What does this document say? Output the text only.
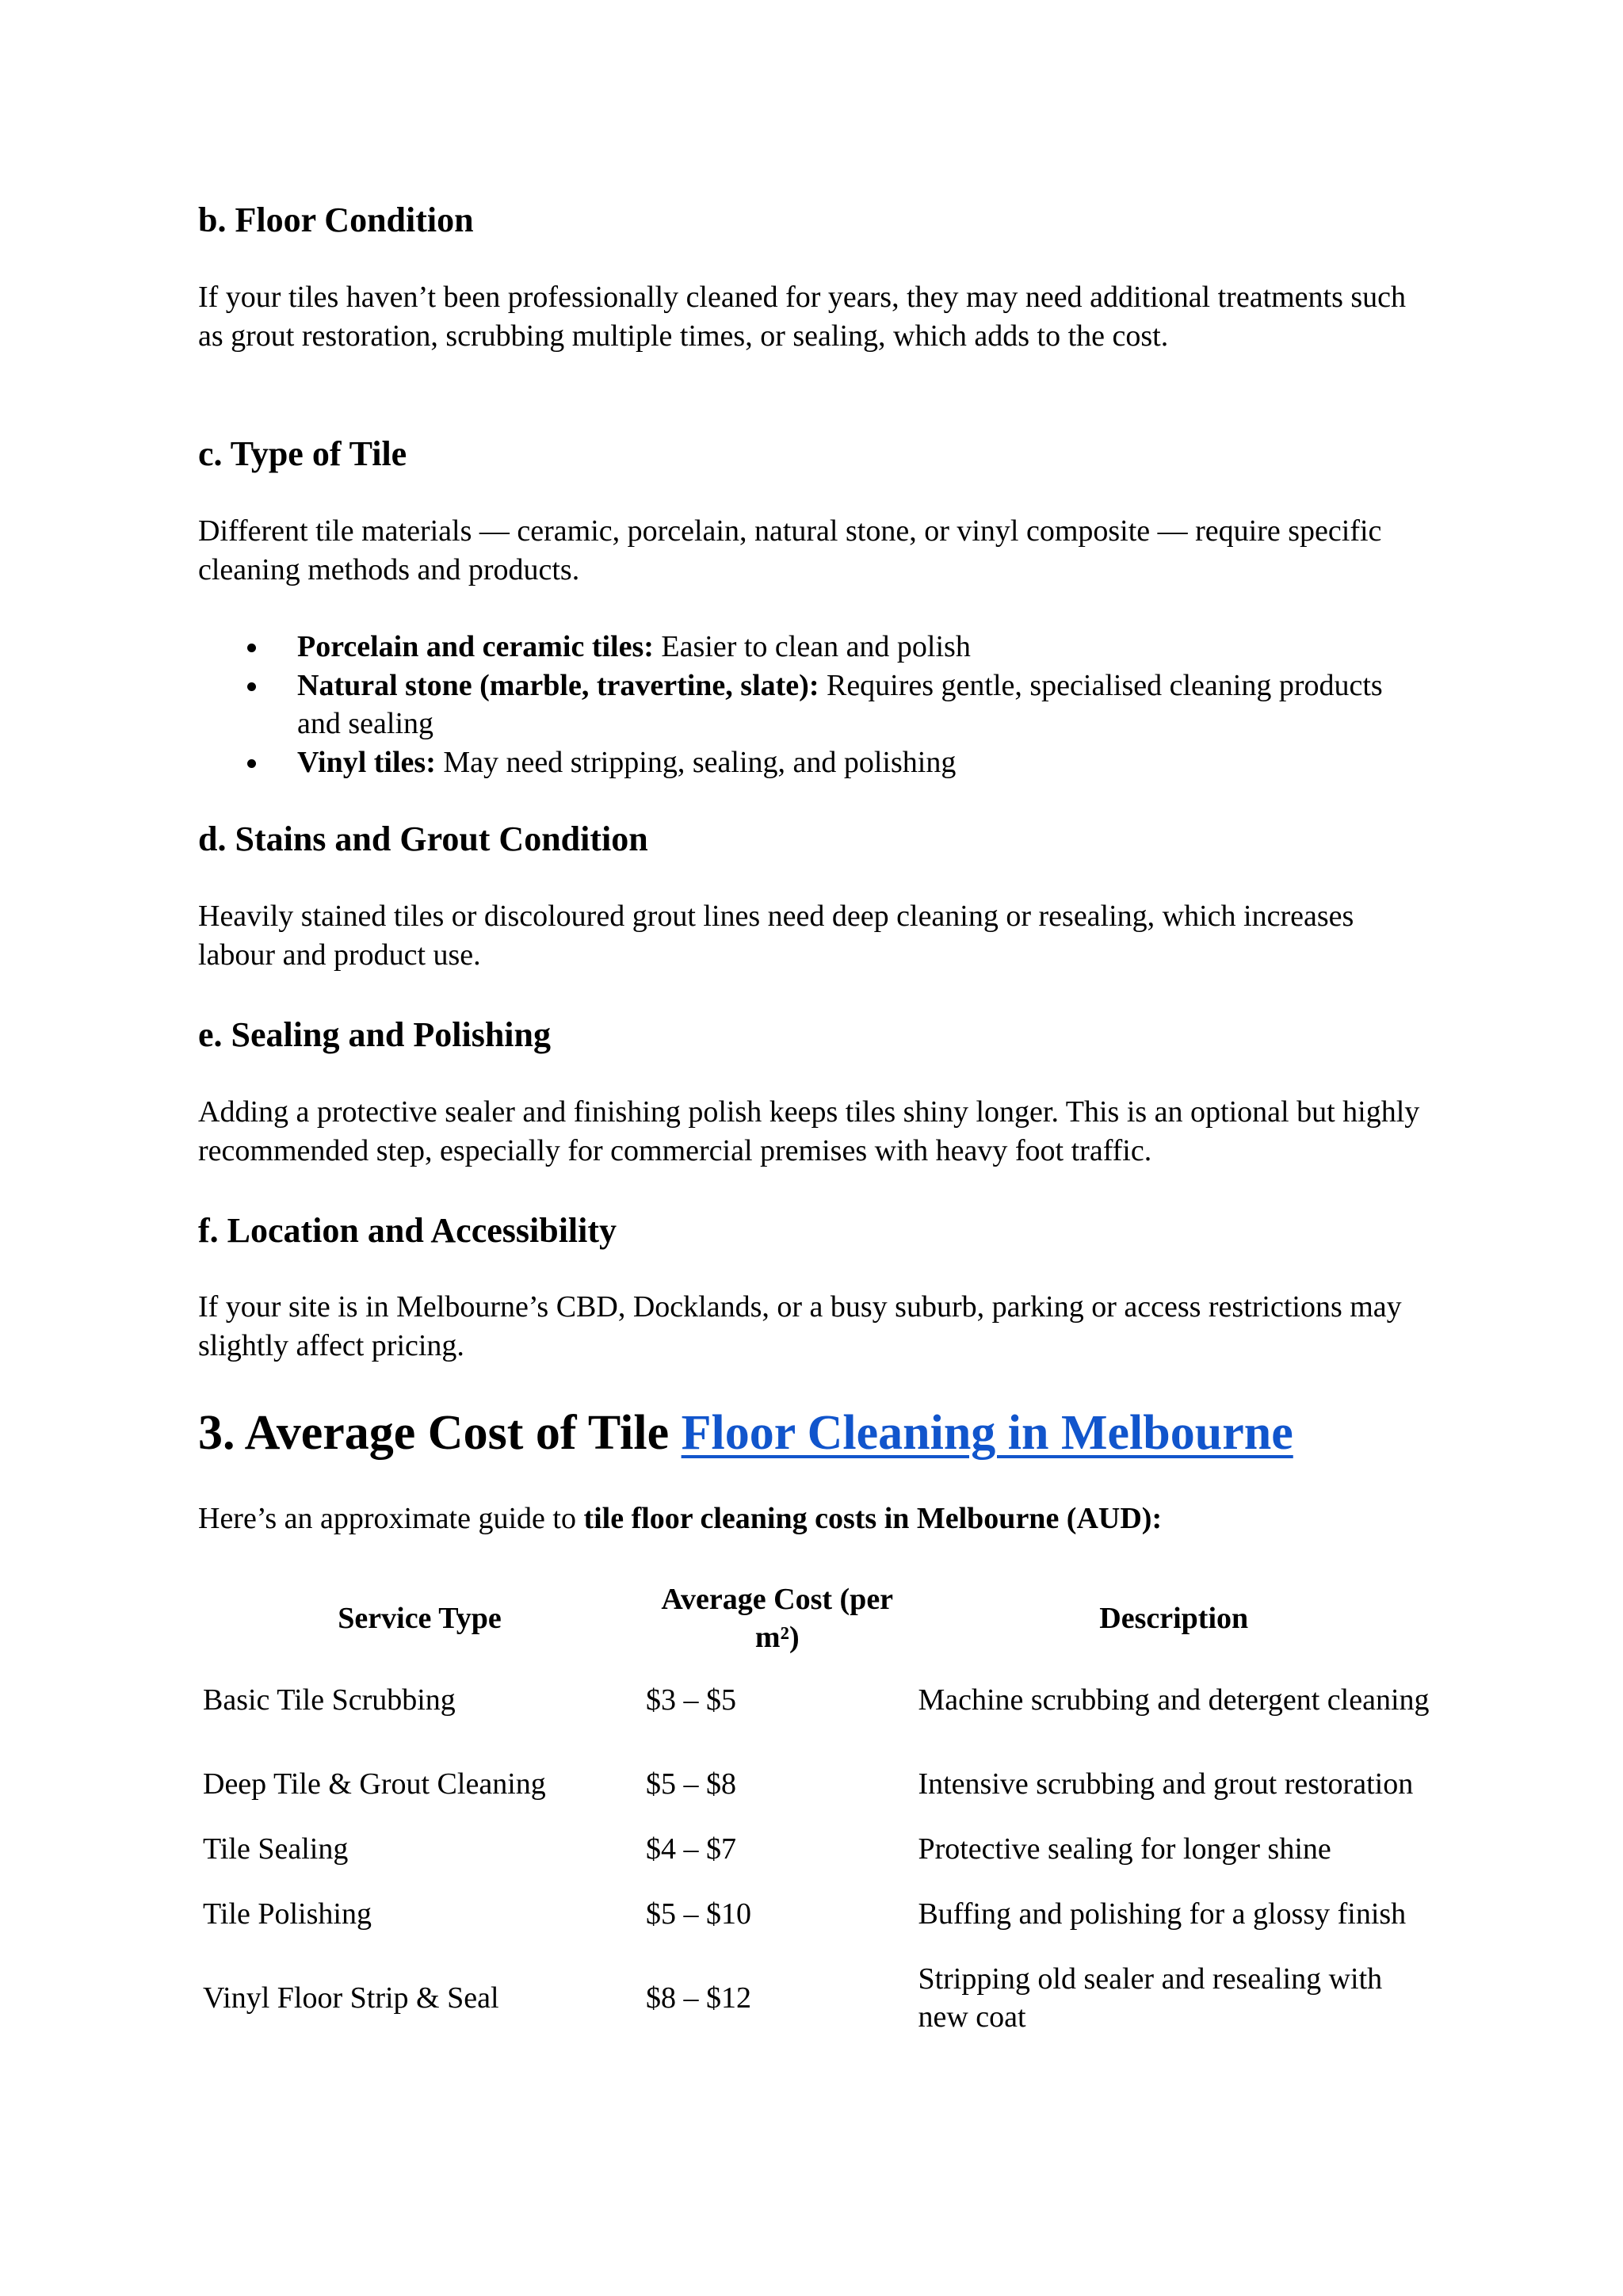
b. Floor Condition

If your tiles haven’t been professionally cleaned for years, they may need additional treatments such as grout restoration, scrubbing multiple times, or sealing, which adds to the cost.

c. Type of Tile

Different tile materials — ceramic, porcelain, natural stone, or vinyl composite — require specific cleaning methods and products.

Porcelain and ceramic tiles: Easier to clean and polish
Natural stone (marble, travertine, slate): Requires gentle, specialised cleaning products and sealing
Vinyl tiles: May need stripping, sealing, and polishing
d. Stains and Grout Condition

Heavily stained tiles or discoloured grout lines need deep cleaning or resealing, which increases labour and product use.

e. Sealing and Polishing

Adding a protective sealer and finishing polish keeps tiles shiny longer. This is an optional but highly recommended step, especially for commercial premises with heavy foot traffic.

f. Location and Accessibility

If your site is in Melbourne’s CBD, Docklands, or a busy suburb, parking or access restrictions may slightly affect pricing.

3. Average Cost of Tile Floor Cleaning in Melbourne

Here’s an approximate guide to tile floor cleaning costs in Melbourne (AUD):

Service Type	Average Cost (per m²)	Description
Basic Tile Scrubbing	$3 – $5	Machine scrubbing and detergent cleaning
Deep Tile & Grout Cleaning	$5 – $8	Intensive scrubbing and grout restoration
Tile Sealing	$4 – $7	Protective sealing for longer shine
Tile Polishing	$5 – $10	Buffing and polishing for a glossy finish
Vinyl Floor Strip & Seal	$8 – $12	Stripping old sealer and resealing with new coat
